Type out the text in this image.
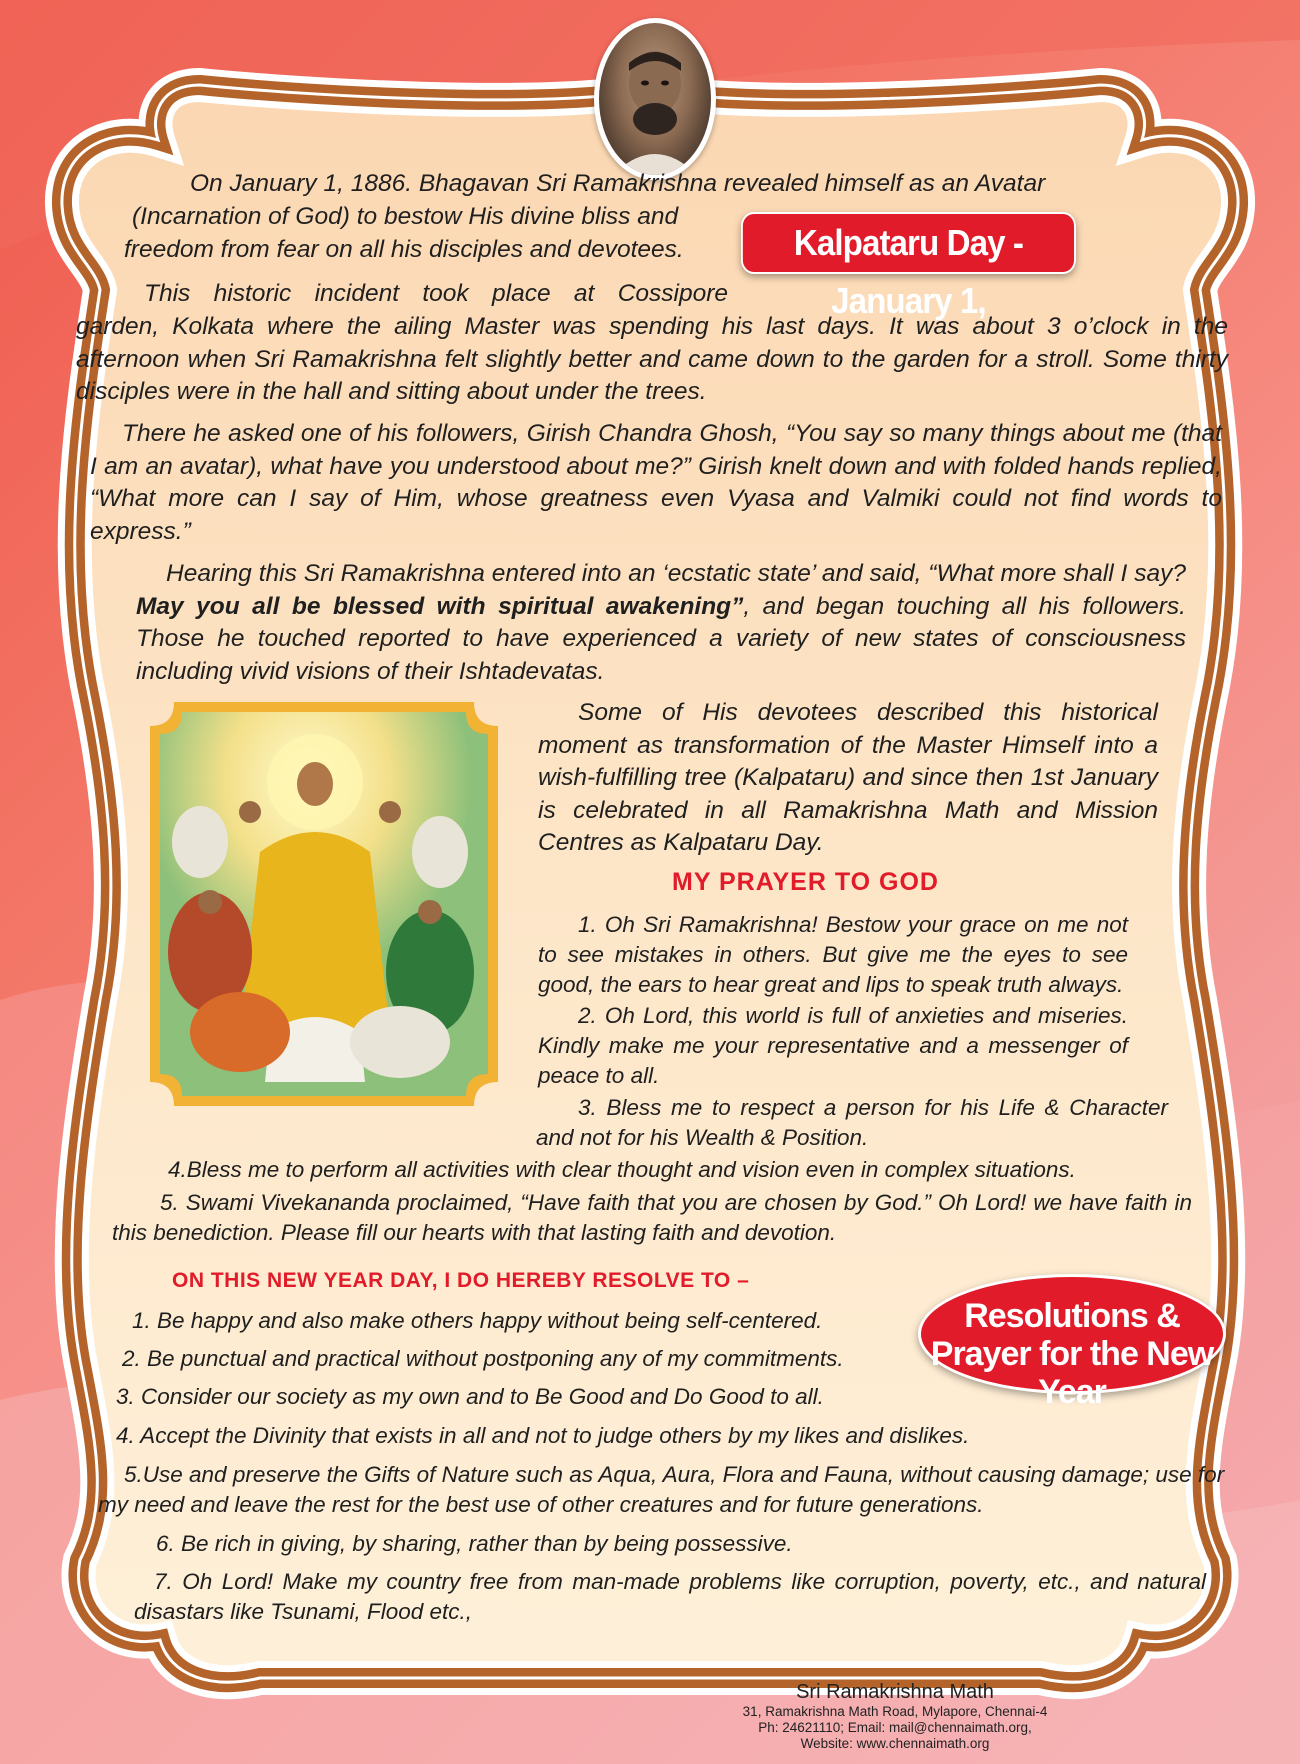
On January 1, 1886. Bhagavan Sri Ramakrishna revealed himself as an Avatar
(Incarnation of God) to bestow His divine bliss and
freedom from fear on all his disciples and devotees.	Kalpataru Day - January 1,
This historic incident took place at Cossipore
garden, Kolkata where the ailing Master was spending his last days. It was about 3 o’clock in the afternoon when Sri Ramakrishna felt slightly better and came down to the garden for a stroll. Some thirty disciples were in the hall and sitting about under the trees.
There he asked one of his followers, Girish Chandra Ghosh, “You say so many things about me (that I am an avatar), what have you understood about me?” Girish knelt down and with folded hands replied, “What more can I say of Him, whose greatness even Vyasa and Valmiki could not find words to express.”
Hearing this Sri Ramakrishna entered into an ‘ecstatic state’ and said, “What more shall I say? May you all be blessed with spiritual awakening”, and began touching all his followers. Those he touched reported to have experienced a variety of new states of consciousness including vivid visions of their Ishtadevatas.
Some of His devotees described this historical moment as transformation of the Master Himself into a wish-fulfilling tree (Kalpataru) and since then 1st January is celebrated in all Ramakrishna Math and Mission Centres as Kalpataru Day.
MY PRAYER TO GOD
1. Oh Sri Ramakrishna! Bestow your grace on me not to see mistakes in others. But give me the eyes to see good, the ears to hear great and lips to speak truth always.
2. Oh Lord, this world is full of anxieties and miseries. Kindly make me your representative and a messenger of peace to all.
3. Bless me to respect a person for his Life & Character and not for his Wealth & Position.
4.Bless me to perform all activities with clear thought and vision even in complex situations.
5. Swami Vivekananda proclaimed, “Have faith that you are chosen by God.” Oh Lord! we have faith in this benediction. Please fill our hearts with that lasting faith and devotion.
ON THIS NEW YEAR DAY, I DO HEREBY RESOLVE TO –
Resolutions &
Prayer for the New Year
1. Be happy and also make others happy without being self-centered.
2. Be punctual and practical without postponing any of my commitments.
3. Consider our society as my own and to Be Good and Do Good to all.
4. Accept the Divinity that exists in all and not to judge others by my likes and dislikes.
5.Use and preserve the Gifts of Nature such as Aqua, Aura, Flora and Fauna, without causing damage; use for my need and leave the rest for the best use of other creatures and for future generations.
6. Be rich in giving, by sharing, rather than by being possessive.
7. Oh Lord! Make my country free from man-made problems like corruption, poverty, etc., and natural disastars like Tsunami, Flood etc.,
Sri Ramakrishna Math
31, Ramakrishna Math Road, Mylapore, Chennai-4
Ph: 24621110; Email: mail@chennaimath.org,
Website: www.chennaimath.org
